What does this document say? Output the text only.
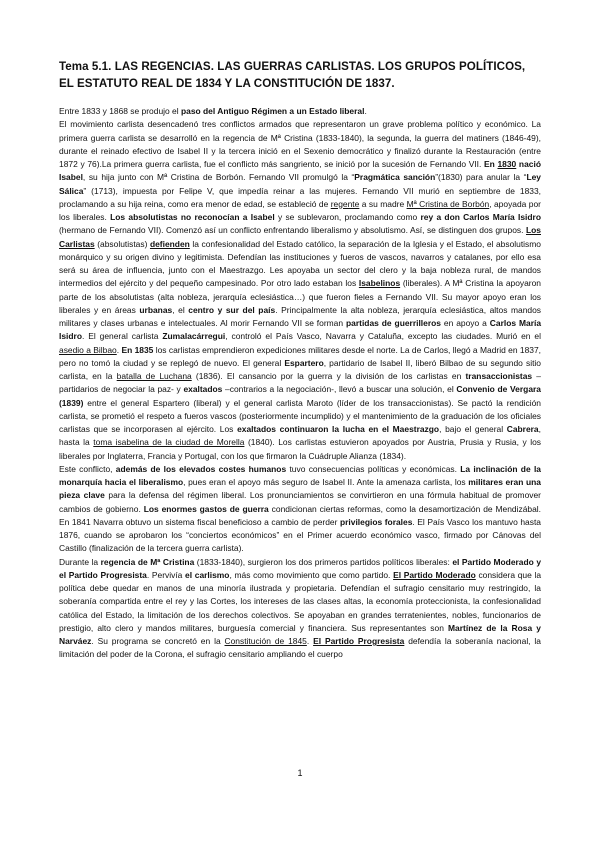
Tema 5.1. LAS REGENCIAS. LAS GUERRAS CARLISTAS. LOS GRUPOS POLÍTICOS, EL ESTATUTO REAL DE 1834 Y LA CONSTITUCIÓN DE 1837.

Entre 1833 y 1868 se produjo el paso del Antiguo Régimen a un Estado liberal.

El movimiento carlista desencadenó tres conflictos armados que representaron un grave problema político y económico. La primera guerra carlista se desarrolló en la regencia de Mª Cristina (1833-1840), la segunda, la guerra del matiners (1846-49), durante el reinado efectivo de Isabel II y la tercera inició en el Sexenio democrático y finalizó durante la Restauración (entre 1872 y 76).La primera guerra carlista, fue el conflicto más sangriento, se inició por la sucesión de Fernando VII. En 1830 nació Isabel, su hija junto con Mª Cristina de Borbón. Fernando VII promulgó la “Pragmática sanción”(1830) para anular la “Ley Sálica” (1713), impuesta por Felipe V, que impedía reinar a las mujeres. Fernando VII murió en septiembre de 1833, proclamando a su hija reina, como era menor de edad, se estableció de regente a su madre Mª Cristina de Borbón, apoyada por los liberales. Los absolutistas no reconocían a Isabel y se sublevaron, proclamando como rey a don Carlos María Isidro (hermano de Fernando VII). Comenzó así un conflicto enfrentando liberalismo y absolutismo. Así, se distinguen dos grupos. Los Carlistas (absolutistas) defienden la confesionalidad del Estado católico, la separación de la Iglesia y el Estado, el absolutismo monárquico y su origen divino y legitimista. Defendían las instituciones y fueros de vascos, navarros y catalanes, por ello esa será su área de influencia, junto con el Maestrazgo. Les apoyaba un sector del clero y la baja nobleza rural, de mandos intermedios del ejército y del pequeño campesinado. Por otro lado estaban los Isabelinos (liberales). A Mª Cristina la apoyaron parte de los absolutistas (alta nobleza, jerarquía eclesiástica…) que fueron fieles a Fernando VII. Su mayor apoyo eran los liberales y en áreas urbanas, el centro y sur del país. Principalmente la alta nobleza, jerarquía eclesiástica, altos mandos militares y clases urbanas e intelectuales. Al morir Fernando VII se forman partidas de guerrilleros en apoyo a Carlos María Isidro. El general carlista Zumalacárregui, controló el País Vasco, Navarra y Cataluña, excepto las ciudades. Murió en el asedio a Bilbao. En 1835 los carlistas emprendieron expediciones militares desde el norte. La de Carlos, llegó a Madrid en 1837, pero no tomó la ciudad y se replegó de nuevo. El general Espartero, partidario de Isabel II, liberó Bilbao de su segundo sitio carlista, en la batalla de Luchana (1836). El cansancio por la guerra y la división de los carlistas en transaccionistas –partidarios de negociar la paz- y exaltados –contrarios a la negociación-, llevó a buscar una solución, el Convenio de Vergara (1839) entre el general Espartero (liberal) y el general carlista Maroto (líder de los transaccionistas). Se pactó la rendición carlista, se prometió el respeto a fueros vascos (posteriormente incumplido) y el mantenimiento de la graduación de los oficiales carlistas que se incorporasen al ejército. Los exaltados continuaron la lucha en el Maestrazgo, bajo el general Cabrera, hasta la toma isabelina de la ciudad de Morella (1840). Los carlistas estuvieron apoyados por Austria, Prusia y Rusia, y los liberales por Inglaterra, Francia y Portugal, con los que firmaron la Cuádruple Alianza (1834).

Este conflicto, además de los elevados costes humanos tuvo consecuencias políticas y económicas. La inclinación de la monarquía hacia el liberalismo, pues eran el apoyo más seguro de Isabel II. Ante la amenaza carlista, los militares eran una pieza clave para la defensa del régimen liberal. Los pronunciamientos se convirtieron en una fórmula habitual de promover cambios de gobierno. Los enormes gastos de guerra condicionan ciertas reformas, como la desamortización de Mendizábal. En 1841 Navarra obtuvo un sistema fiscal beneficioso a cambio de perder privilegios forales. El País Vasco los mantuvo hasta 1876, cuando se aprobaron los “conciertos económicos” en el Primer acuerdo económico vasco, firmado por Cánovas del Castillo (finalización de la tercera guerra carlista).

Durante la regencia de Mª Cristina (1833-1840), surgieron los dos primeros partidos políticos liberales: el Partido Moderado y el Partido Progresista. Pervivía el carlismo, más como movimiento que como partido. El Partido Moderado considera que la política debe quedar en manos de una minoría ilustrada y propietaria. Defendían el sufragio censitario muy restringido, la soberanía compartida entre el rey y las Cortes, los intereses de las clases altas, la economía proteccionista, la confesionalidad católica del Estado, la limitación de los derechos colectivos. Se apoyaban en grandes terratenientes, nobles, funcionarios de prestigio, alto clero y mandos militares, burguesía comercial y financiera. Sus representantes son Martínez de la Rosa y Narváez. Su programa se concretó en la Constitución de 1845. El Partido Progresista defendía la soberanía nacional, la limitación del poder de la Corona, el sufragio censitario ampliando el cuerpo

1
